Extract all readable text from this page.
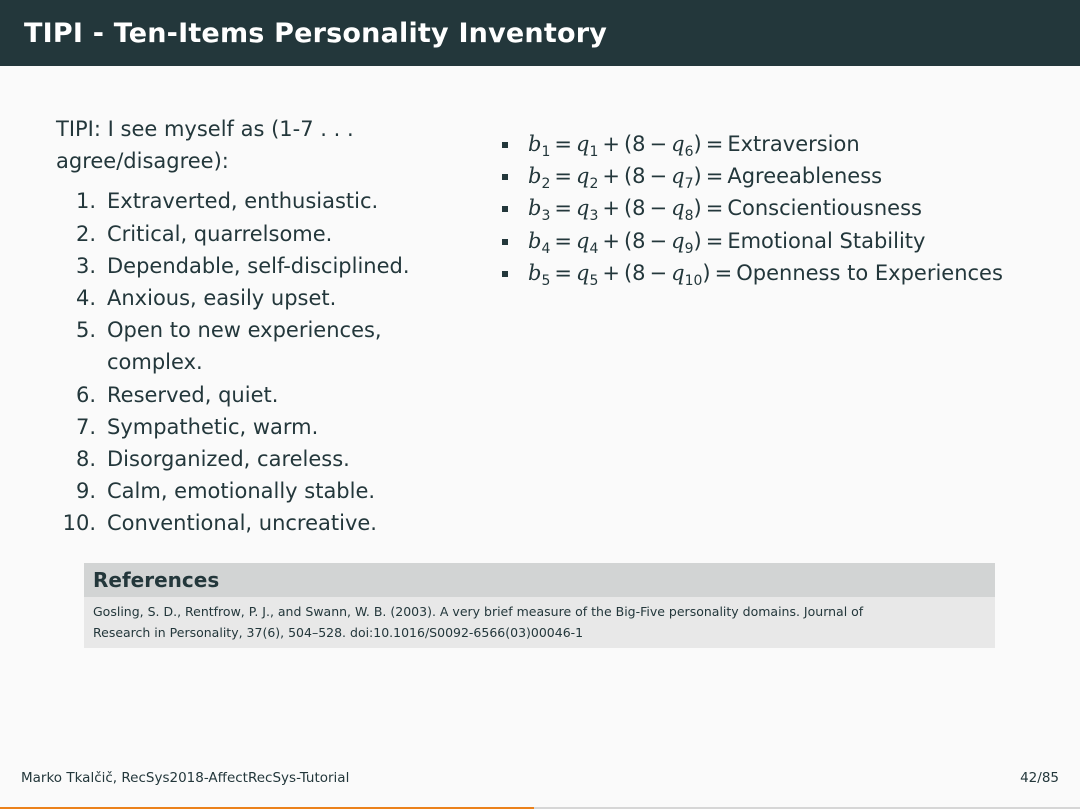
TIPI - Ten-Items Personality Inventory
TIPI: I see myself as (1-7 . . .
agree/disagree):
1. Extraverted, enthusiastic.
2. Critical, quarrelsome.
3. Dependable, self-disciplined.
4. Anxious, easily upset.
5. Open to new experiences, complex.
6. Reserved, quiet.
7. Sympathetic, warm.
8. Disorganized, careless.
9. Calm, emotionally stable.
10. Conventional, uncreative.
$b_1 = q_1 + (8 - q_6)$ = Extraversion
$b_2 = q_2 + (8 - q_7)$ = Agreeableness
$b_3 = q_3 + (8 - q_8)$ = Conscientiousness
$b_4 = q_4 + (8 - q_9)$ = Emotional Stability
$b_5 = q_5 + (8 - q_{10})$ = Openness to Experiences
References
Gosling, S. D., Rentfrow, P. J., and Swann, W. B. (2003). A very brief measure of the Big-Five personality domains. Journal of
Research in Personality, 37(6), 504–528. doi:10.1016/S0092-6566(03)00046-1
Marko Tkalčič, RecSys2018-AffectRecSys-Tutorial	42/85
